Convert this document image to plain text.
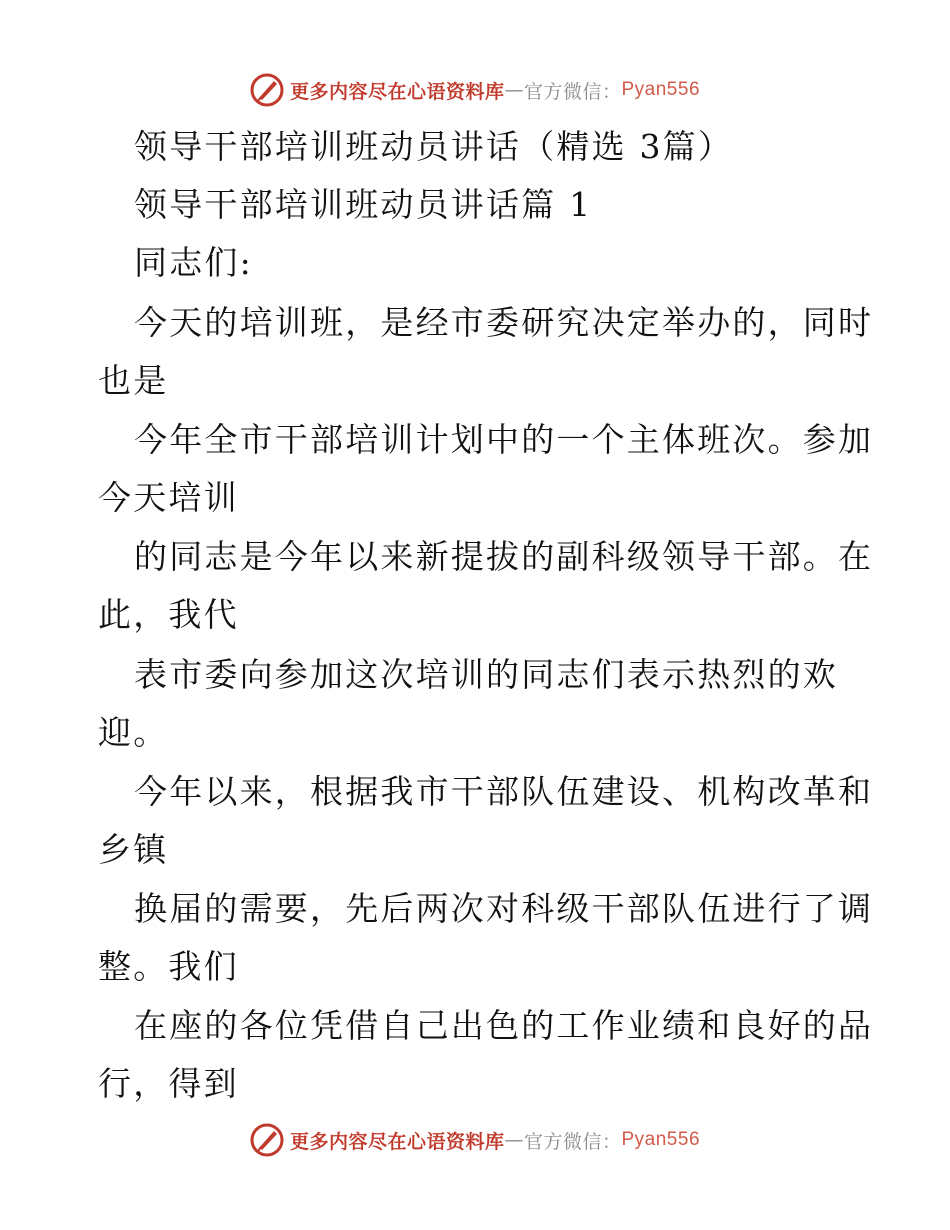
更多内容尽在心语资料库 — 官方微信： Pyan556
领导干部培训班动员讲话（精选 3篇）
领导干部培训班动员讲话篇 1
同志们:
今天的培训班，是经市委研究决定举办的，同时
也是
今年全市干部培训计划中的一个主体班次。参加
今天培训
的同志是今年以来新提拔的副科级领导干部。在
此，我代
表市委向参加这次培训的同志们表示热烈的欢
迎。
今年以来，根据我市干部队伍建设、机构改革和
乡镇
换届的需要，先后两次对科级干部队伍进行了调
整。我们
在座的各位凭借自己出色的工作业绩和良好的品
行，得到
更多内容尽在心语资料库 — 官方微信： Pyan556
